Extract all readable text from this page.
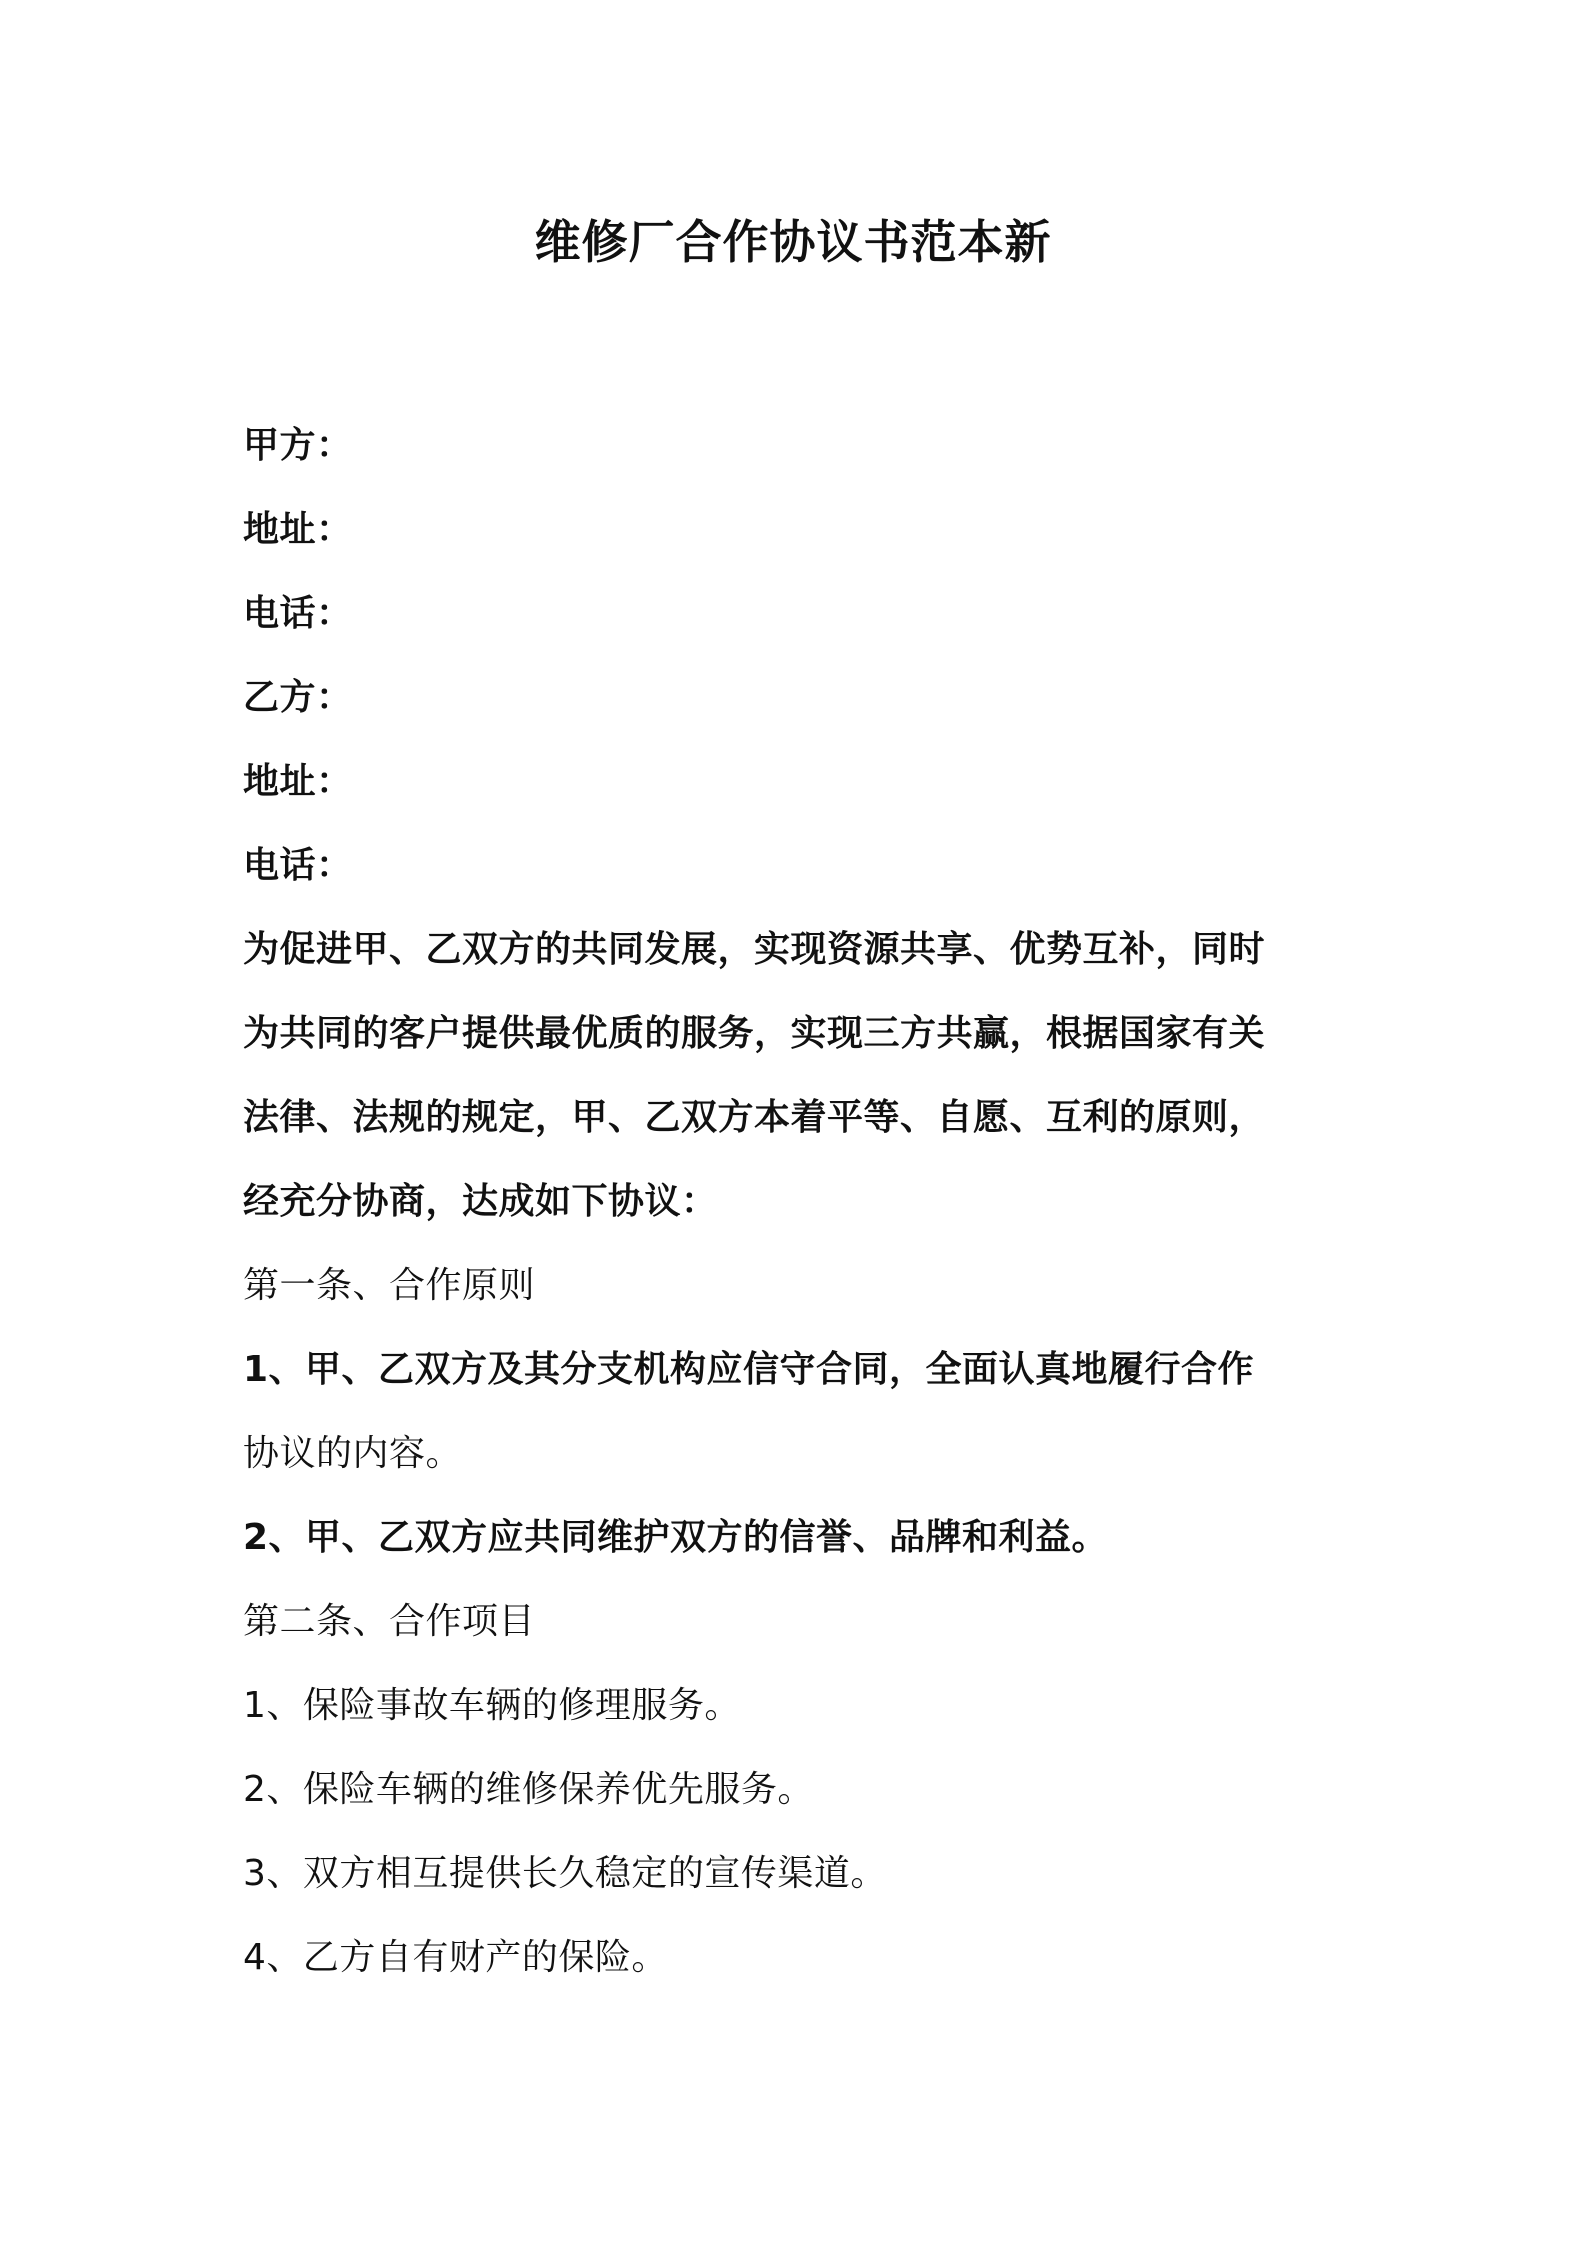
维修厂合作协议书范本新
甲方：
地址：
电话：
乙方：
地址：
电话：
为促进甲、乙双方的共同发展，实现资源共享、优势互补，同时
为共同的客户提供最优质的服务，实现三方共赢，根据国家有关
法律、法规的规定，甲、乙双方本着平等、自愿、互利的原则，
经充分协商，达成如下协议：
第一条、合作原则
1、甲、乙双方及其分支机构应信守合同，全面认真地履行合作
协议的内容。
2、甲、乙双方应共同维护双方的信誉、品牌和利益。
第二条、合作项目
1、保险事故车辆的修理服务。
2、保险车辆的维修保养优先服务。
3、双方相互提供长久稳定的宣传渠道。
4、乙方自有财产的保险。
